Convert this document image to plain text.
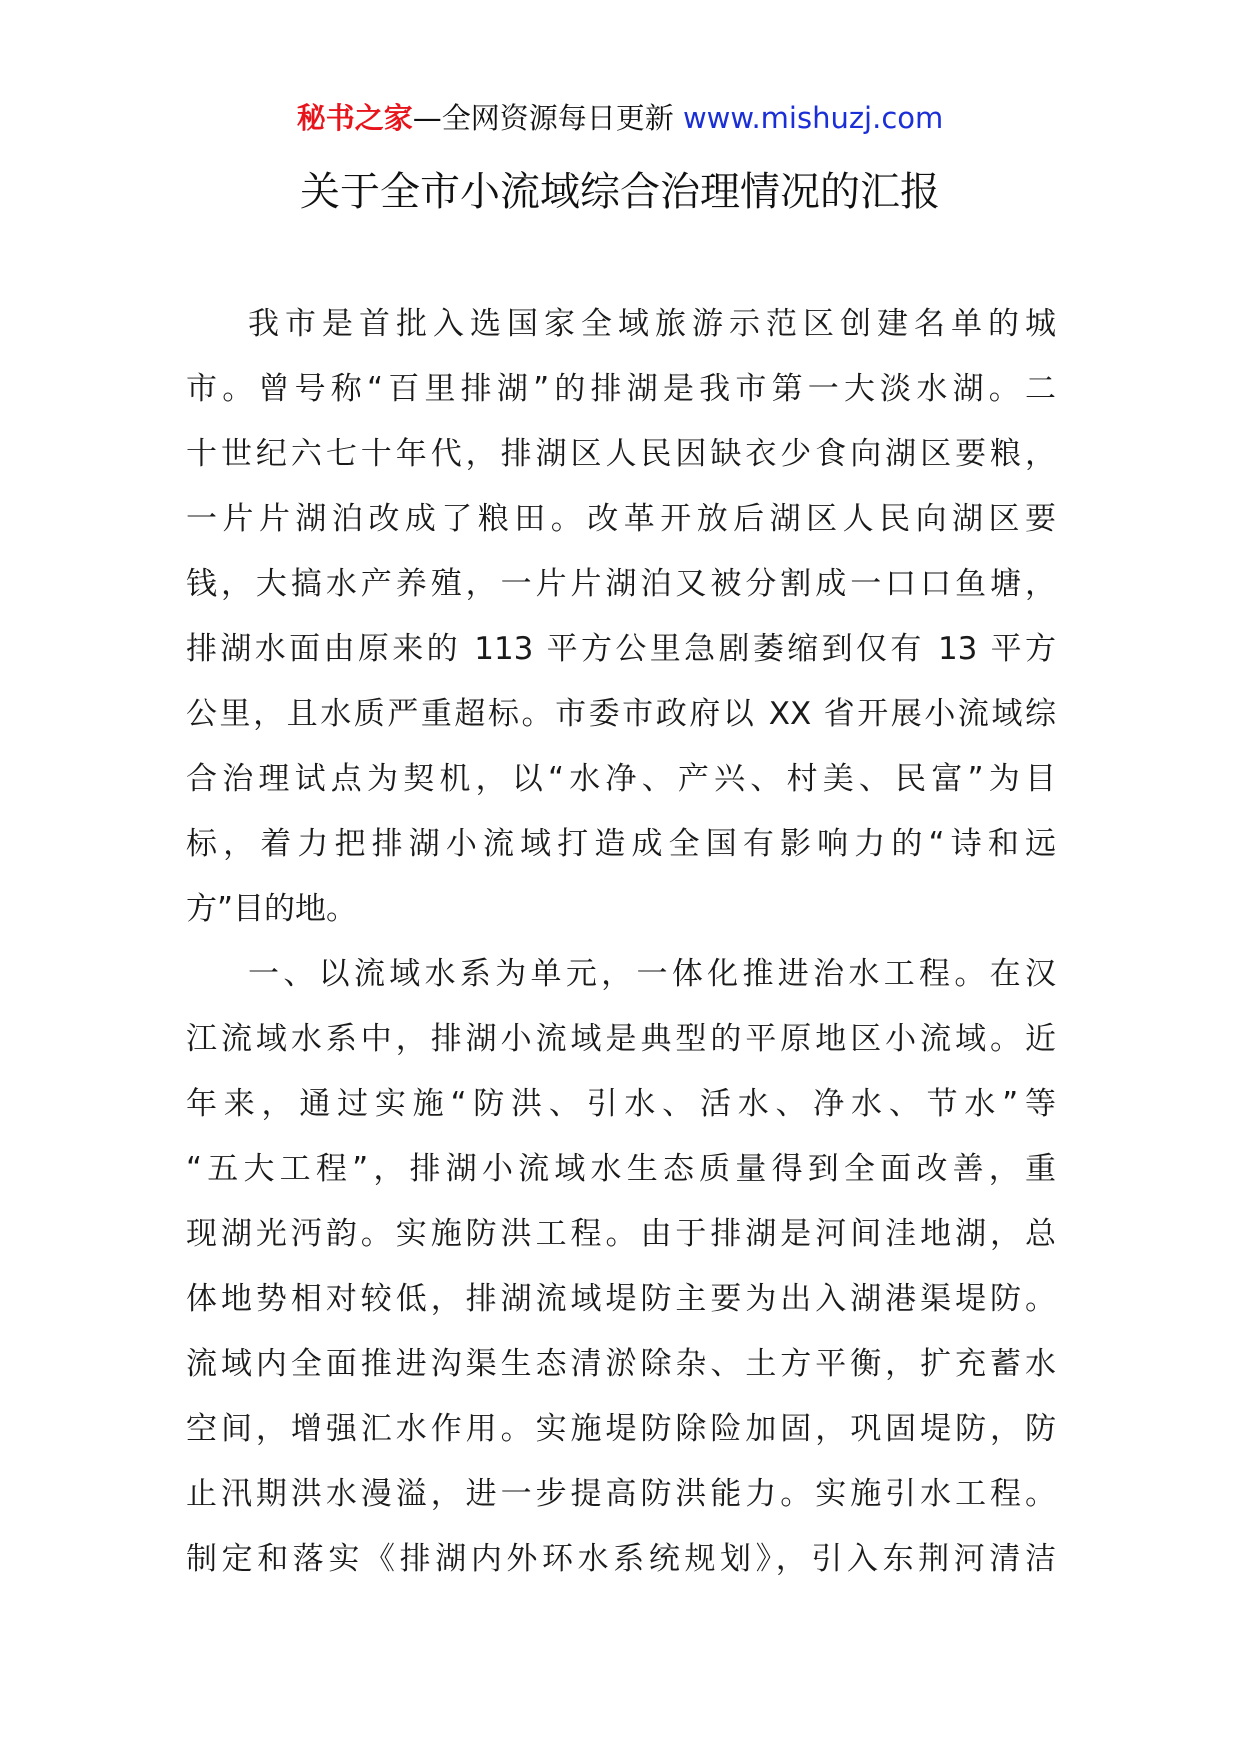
秘书之家—全网资源每日更新 www.mishuzj.com
关于全市小流域综合治理情况的汇报
我市是首批入选国家全域旅游示范区创建名单的城
市。曾号称“百里排湖”的排湖是我市第一大淡水湖。二
十世纪六七十年代，排湖区人民因缺衣少食向湖区要粮，
一片片湖泊改成了粮田。改革开放后湖区人民向湖区要
钱，大搞水产养殖，一片片湖泊又被分割成一口口鱼塘，
排湖水面由原来的 113 平方公里急剧萎缩到仅有 13 平方
公里，且水质严重超标。市委市政府以 XX 省开展小流域综
合治理试点为契机，以“水净、产兴、村美、民富”为目
标，着力把排湖小流域打造成全国有影响力的“诗和远
方”目的地。
一、以流域水系为单元，一体化推进治水工程。在汉
江流域水系中，排湖小流域是典型的平原地区小流域。近
年来，通过实施“防洪、引水、活水、净水、节水”等
“五大工程”，排湖小流域水生态质量得到全面改善，重
现湖光沔韵。实施防洪工程。由于排湖是河间洼地湖，总
体地势相对较低，排湖流域堤防主要为出入湖港渠堤防。
流域内全面推进沟渠生态清淤除杂、土方平衡，扩充蓄水
空间，增强汇水作用。实施堤防除险加固，巩固堤防，防
止汛期洪水漫溢，进一步提高防洪能力。实施引水工程。
制定和落实《排湖内外环水系统规划》，引入东荆河清洁
